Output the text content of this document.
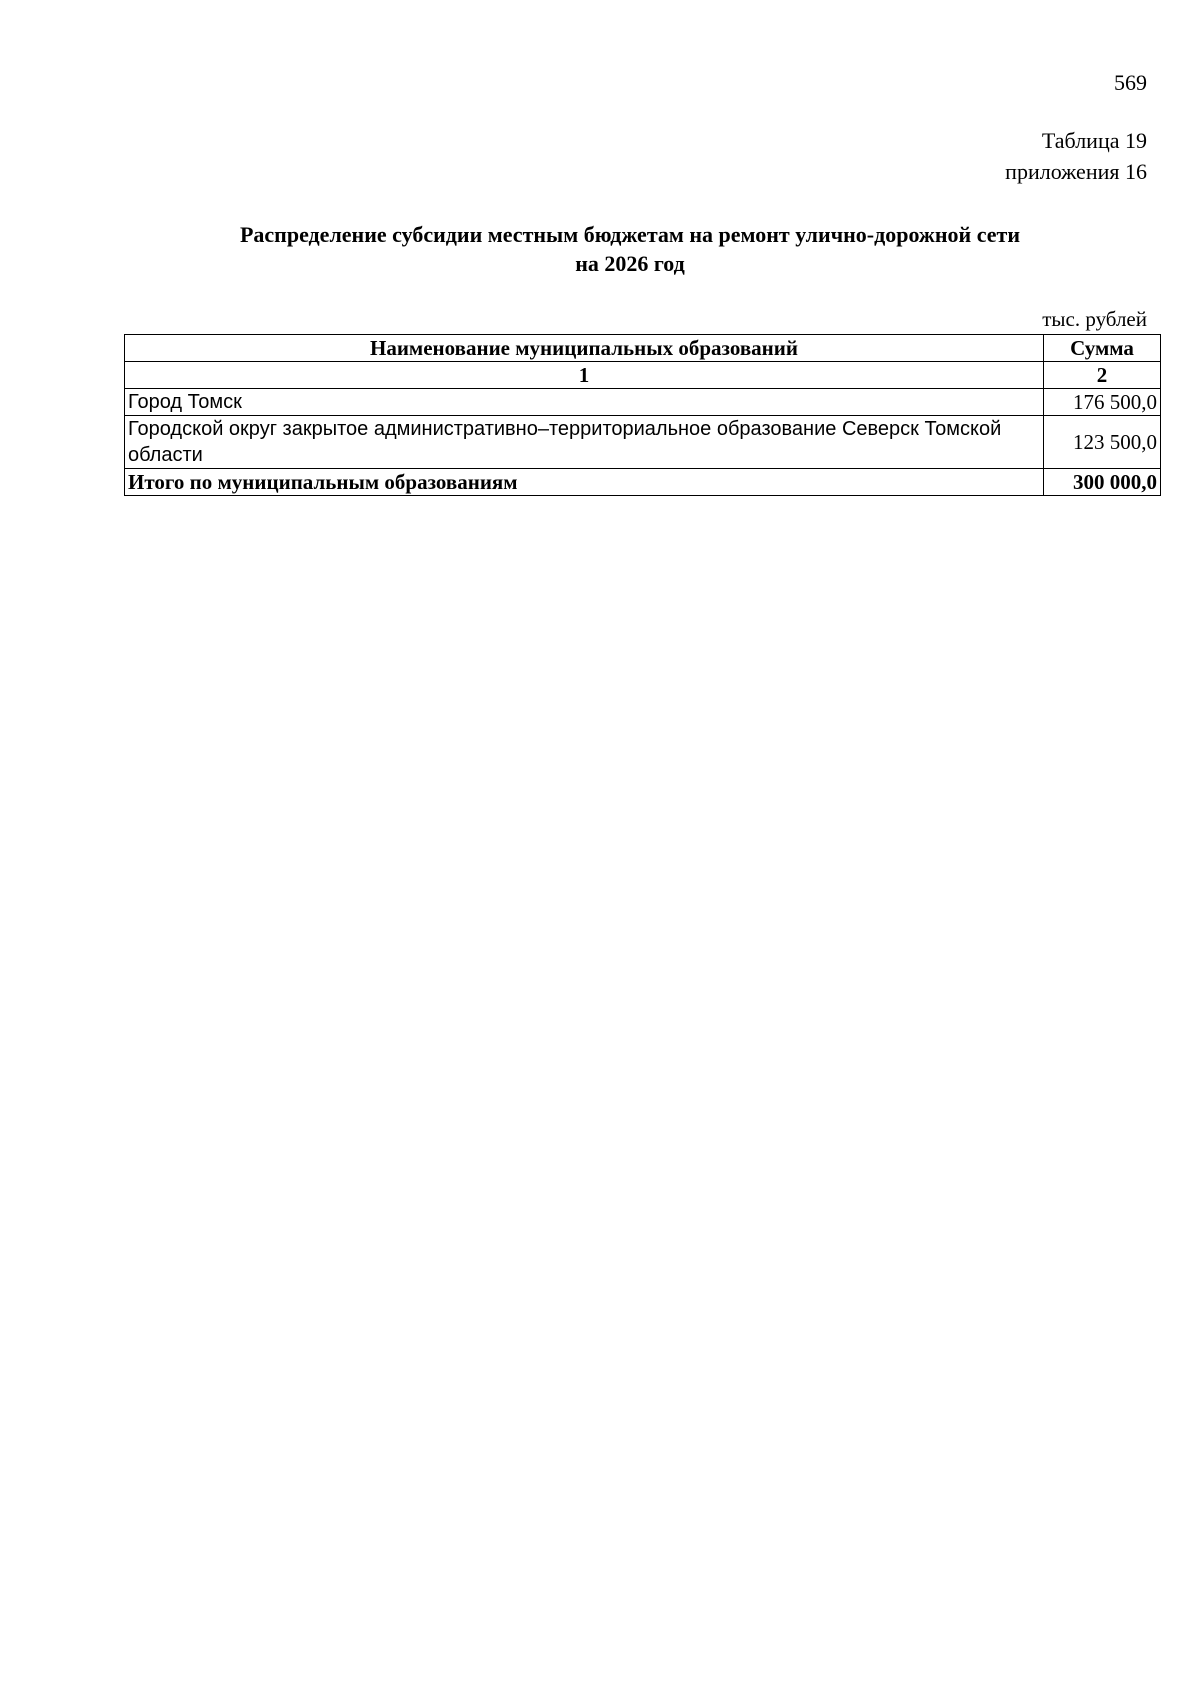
569
Таблица 19
приложения 16
Распределение субсидии местным бюджетам на ремонт улично-дорожной сети
на 2026 год
тыс. рублей
Наименование муниципальных образований	Сумма
1	2
Город Томск	176 500,0
Городской округ закрытое административно–территориальное образование Северск Томской области	123 500,0
Итого по муниципальным образованиям	300 000,0
